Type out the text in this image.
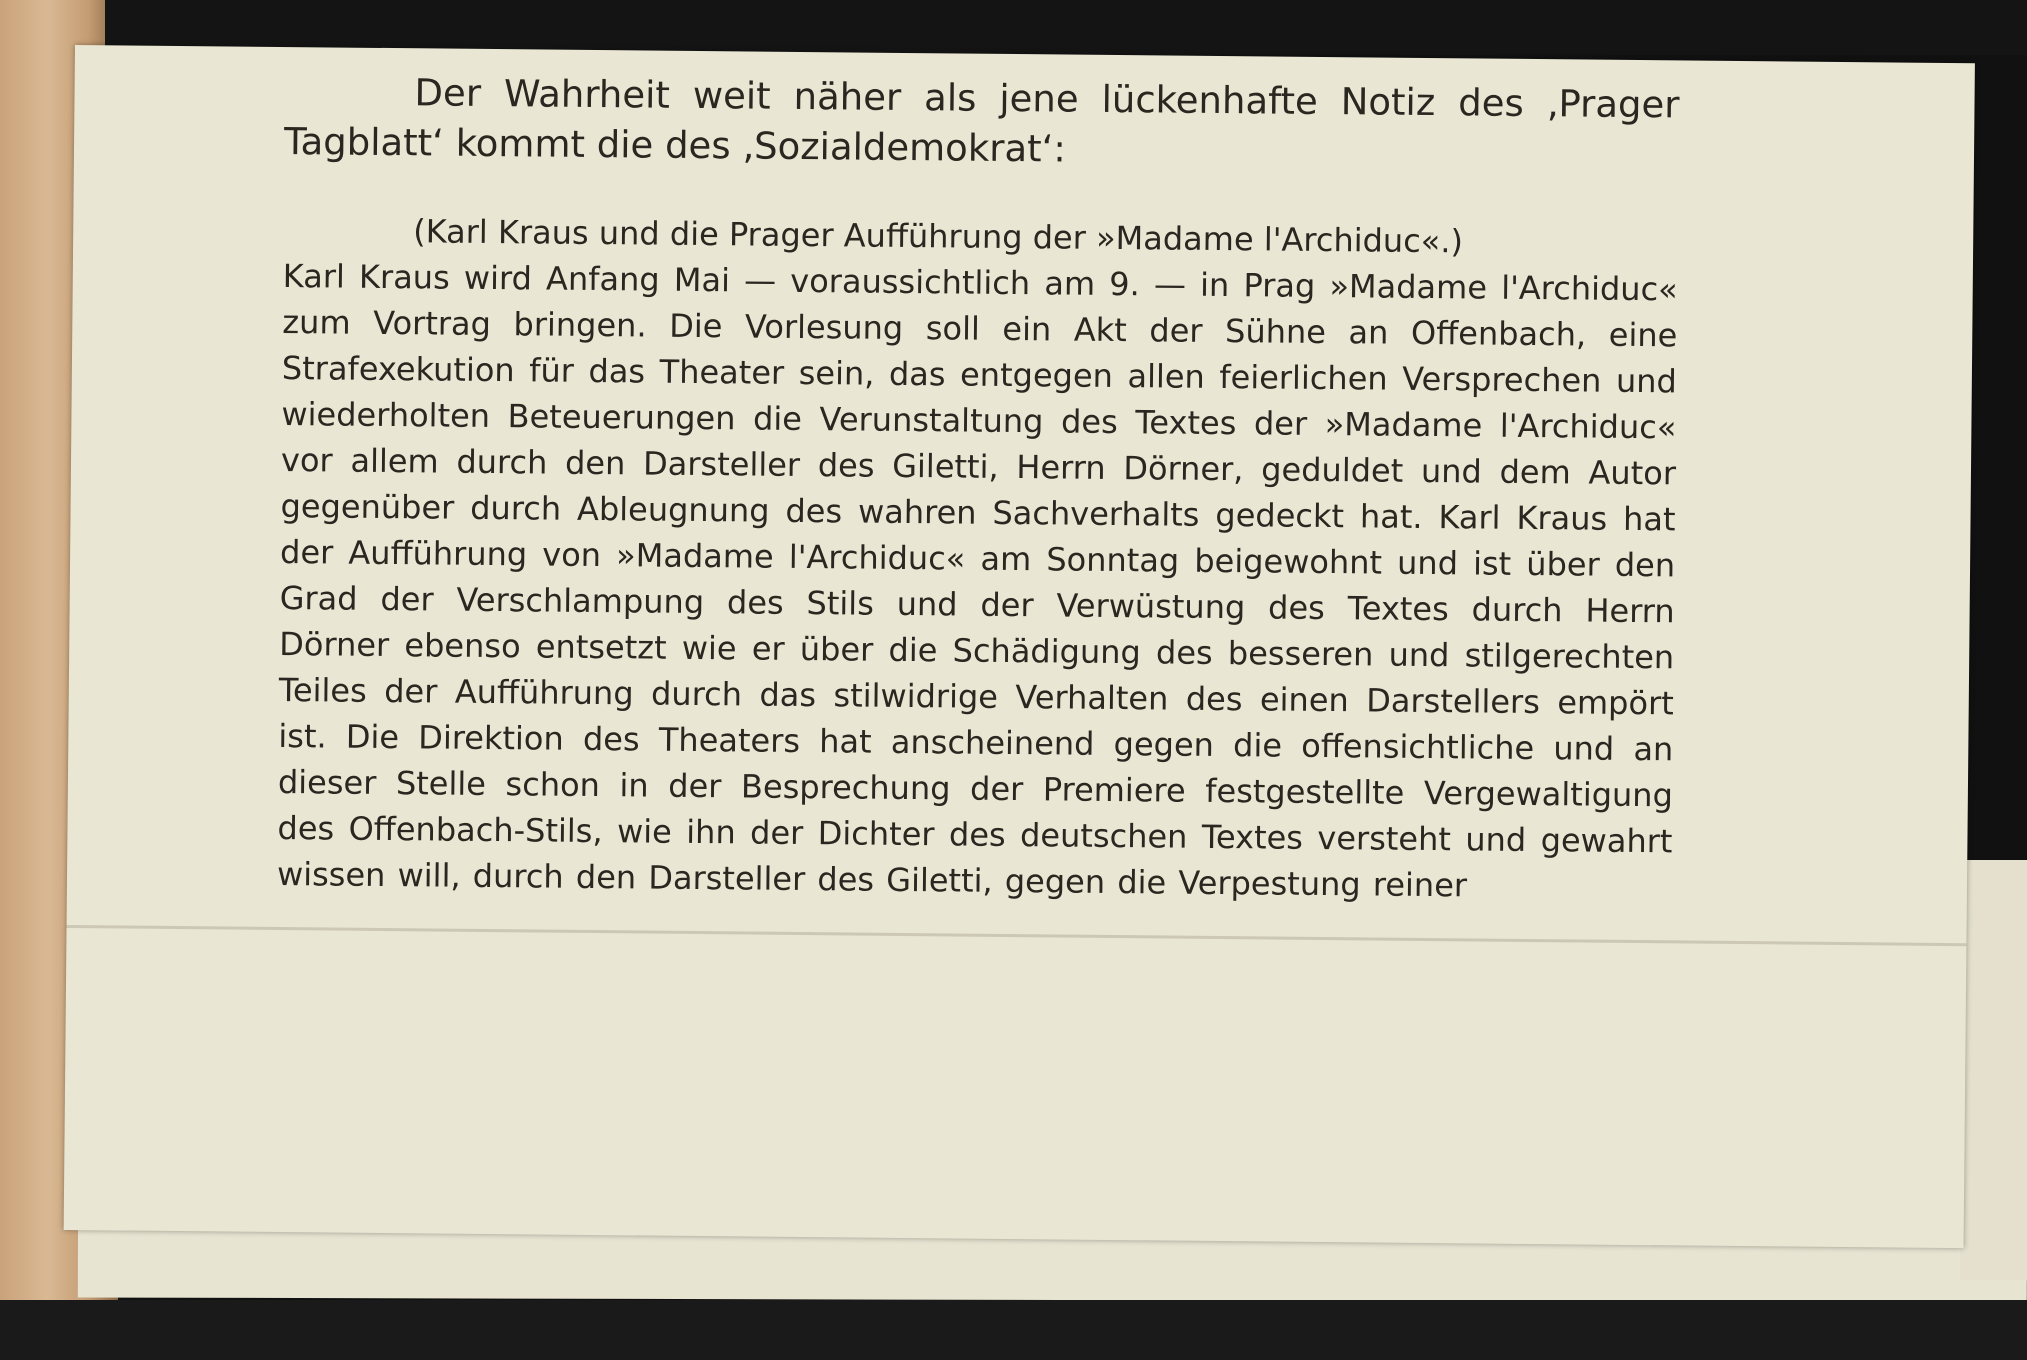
Der Wahrheit weit näher als jene lückenhafte Notiz des ‚Prager Tagblatt‘ kommt die des ‚Sozialdemokrat‘:

(Karl Kraus und die Prager Aufführung der »Madame l'Archiduc«.)

Karl Kraus wird Anfang Mai — voraussichtlich am 9. — in Prag »Madame l'Archiduc« zum Vortrag bringen. Die Vorlesung soll ein Akt der Sühne an Offenbach, eine Strafexekution für das Theater sein, das entgegen allen feierlichen Versprechen und wiederholten Beteuerungen die Verunstaltung des Textes der »Madame l'Archiduc« vor allem durch den Darsteller des Giletti, Herrn Dörner, geduldet und dem Autor gegenüber durch Ableugnung des wahren Sachverhalts gedeckt hat. Karl Kraus hat der Aufführung von »Madame l'Archiduc« am Sonntag beigewohnt und ist über den Grad der Verschlampung des Stils und der Verwüstung des Textes durch Herrn Dörner ebenso entsetzt wie er über die Schädigung des besseren und stilgerechten Teiles der Aufführung durch das stilwidrige Verhalten des einen Darstellers empört ist. Die Direktion des Theaters hat anscheinend gegen die offensichtliche und an dieser Stelle schon in der Besprechung der Premiere festgestellte Vergewaltigung des Offenbach-Stils, wie ihn der Dichter des deutschen Textes versteht und gewahrt wissen will, durch den Darsteller des Giletti, gegen die Verpestung reiner
